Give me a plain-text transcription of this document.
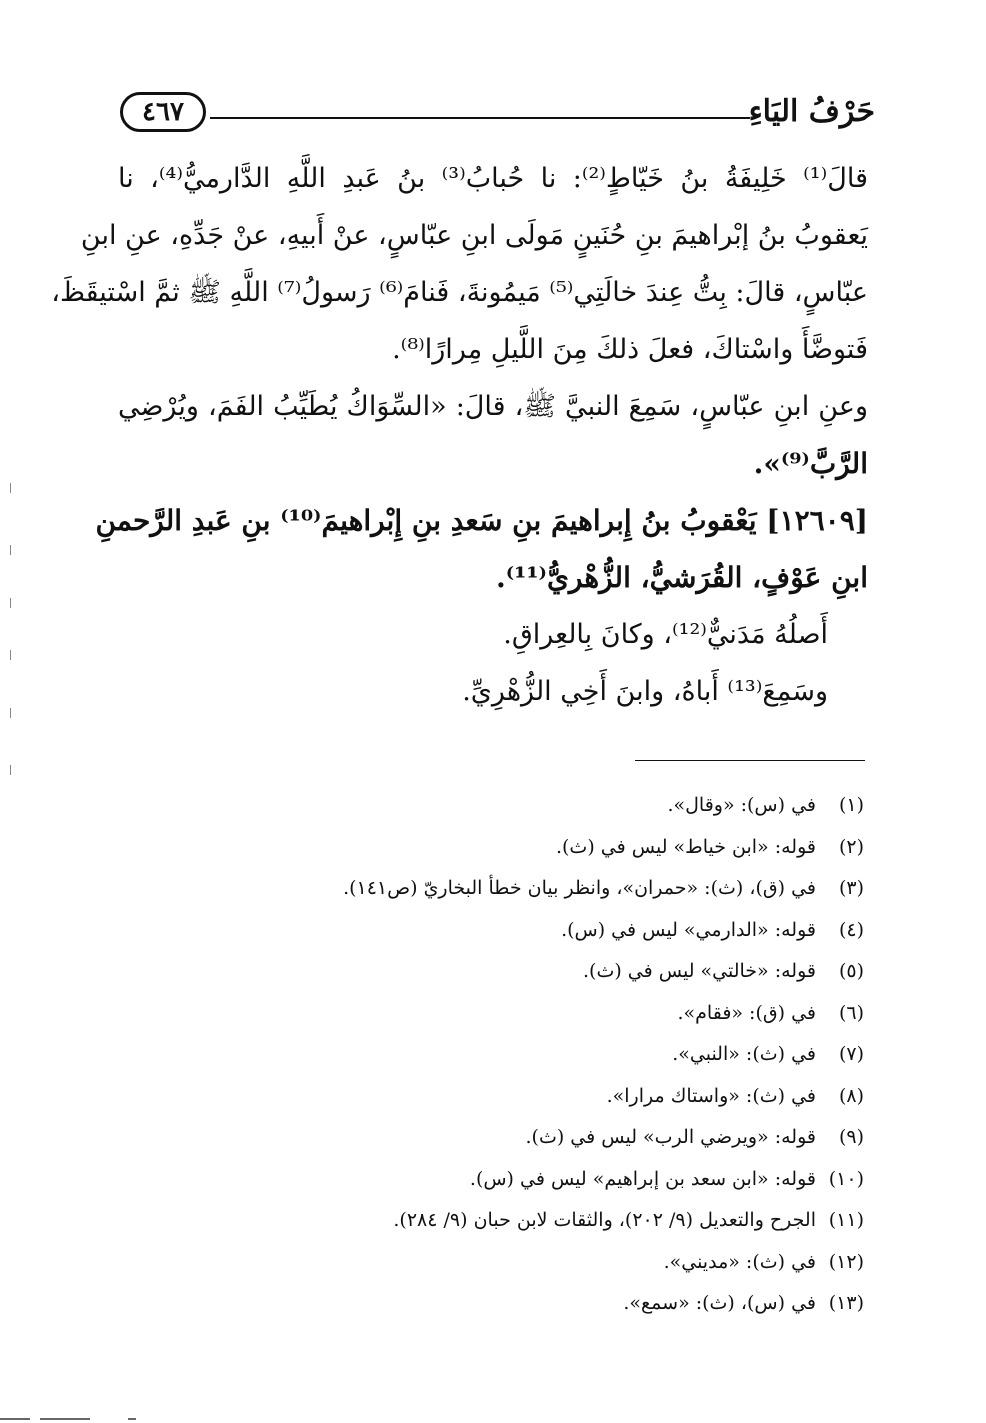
حَرْفُ اليَاءِ
٤٦٧
قالَ⁽¹⁾ خَلِيفَةُ بنُ خَيّاطٍ⁽²⁾: نا حُبابُ⁽³⁾ بنُ عَبدِ اللَّهِ الدَّارميُّ⁽⁴⁾، نا
يَعقوبُ بنُ إبْراهيمَ بنِ حُنَينٍ مَولَى ابنِ عبّاسٍ، عنْ أَبيهِ، عنْ جَدِّهِ، عنِ ابنِ
عبّاسٍ، قالَ: بِتُّ عِندَ خالَتِي⁽⁵⁾ مَيمُونةَ، فَنامَ⁽⁶⁾ رَسولُ⁽⁷⁾ اللَّهِ ﷺ ثمَّ اسْتيقَظَ،
فَتوضَّأَ واسْتاكَ، فعلَ ذلكَ مِنَ اللَّيلِ مِرارًا⁽⁸⁾.
وعنِ ابنِ عبّاسٍ، سَمِعَ النبيَّ ﷺ، قالَ: «السِّوَاكُ يُطَيِّبُ الفَمَ، ويُرْضِي
الرَّبَّ⁽⁹⁾».
[١٢٦٠٩] يَعْقوبُ بنُ إِبراهيمَ بنِ سَعدِ بنِ إِبْراهيمَ⁽¹⁰⁾ بنِ عَبدِ الرَّحمنِ
ابنِ عَوْفٍ، القُرَشيُّ، الزُّهْريُّ⁽¹¹⁾.
أَصلُهُ مَدَنيٌّ⁽¹²⁾، وكانَ بِالعِراقِ.
وسَمِعَ⁽¹³⁾ أَباهُ، وابنَ أَخِي الزُّهْرِيِّ.
(١)في (س): «وقال».
(٢)قوله: «ابن خياط» ليس في (ث).
(٣)في (ق)، (ث): «حمران»، وانظر بيان خطأ البخاريّ (ص١٤١).
(٤)قوله: «الدارمي» ليس في (س).
(٥)قوله: «خالتي» ليس في (ث).
(٦)في (ق): «فقام».
(٧)في (ث): «النبي».
(٨)في (ث): «واستاك مرارا».
(٩)قوله: «ويرضي الرب» ليس في (ث).
(١٠)قوله: «ابن سعد بن إبراهيم» ليس في (س).
(١١)الجرح والتعديل (٩/ ٢٠٢)، والثقات لابن حبان (٩/ ٢٨٤).
(١٢)في (ث): «مدیني».
(١٣)في (س)، (ث): «سمع».
